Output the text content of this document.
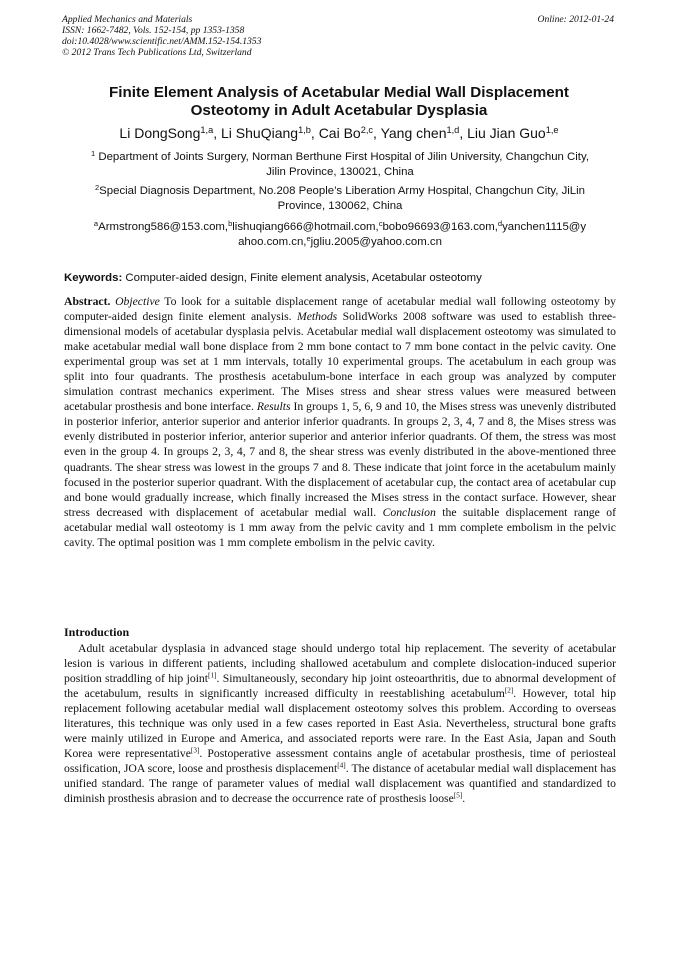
Applied Mechanics and Materials
ISSN: 1662-7482, Vols. 152-154, pp 1353-1358
doi:10.4028/www.scientific.net/AMM.152-154.1353
© 2012 Trans Tech Publications Ltd, Switzerland
Online: 2012-01-24
Finite Element Analysis of Acetabular Medial Wall Displacement
Osteotomy in Adult Acetabular Dysplasia
Li DongSong$^{1,a}$, Li ShuQiang$^{1,b}$, Cai Bo$^{2,c}$, Yang chen$^{1,d}$, Liu Jian Guo$^{1,e}$
$^1$ Department of Joints Surgery, Norman Berthune First Hospital of Jilin University, Changchun City,
Jilin Province, 130021, China
$^2$Special Diagnosis Department, No.208 People’s Liberation Army Hospital, Changchun City, JiLin
Province, 130062, China
$^a$Armstrong586@153.com,$^b$lishuqiang666@hotmail.com,$^c$bobo96693@163.com,$^d$yanchen1115@y
ahoo.com.cn,$^e$jgliu.2005@yahoo.com.cn
Keywords: Computer-aided design, Finite element analysis, Acetabular osteotomy
Abstract. Objective To look for a suitable displacement range of acetabular medial wall following osteotomy by computer-aided design finite element analysis. Methods SolidWorks 2008 software was used to establish three-dimensional models of acetabular dysplasia pelvis. Acetabular medial wall displacement osteotomy was simulated to make acetabular medial wall bone displace from 2 mm bone contact to 7 mm bone contact in the pelvic cavity. One experimental group was set at 1 mm intervals, totally 10 experimental groups. The acetabulum in each group was split into four quadrants. The prosthesis acetabulum-bone interface in each group was analyzed by computer simulation contrast mechanics experiment. The Mises stress and shear stress values were measured between acetabular prosthesis and bone interface. Results In groups 1, 5, 6, 9 and 10, the Mises stress was unevenly distributed in posterior inferior, anterior superior and anterior inferior quadrants. In groups 2, 3, 4, 7 and 8, the Mises stress was evenly distributed in posterior inferior, anterior superior and anterior inferior quadrants. Of them, the stress was most even in the group 4. In groups 2, 3, 4, 7 and 8, the shear stress was evenly distributed in the above-mentioned three quadrants. The shear stress was lowest in the groups 7 and 8. These indicate that joint force in the acetabulum mainly focused in the posterior superior quadrant. With the displacement of acetabular cup, the contact area of acetabular cup and bone would gradually increase, which finally increased the Mises stress in the contact surface. However, shear stress decreased with displacement of acetabular medial wall. Conclusion the suitable displacement range of acetabular medial wall osteotomy is 1 mm away from the pelvic cavity and 1 mm complete embolism in the pelvic cavity. The optimal position was 1 mm complete embolism in the pelvic cavity.
Introduction
Adult acetabular dysplasia in advanced stage should undergo total hip replacement. The severity of acetabular lesion is various in different patients, including shallowed acetabulum and complete dislocation-induced superior position straddling of hip joint[1]. Simultaneously, secondary hip joint osteoarthritis, due to abnormal development of the acetabulum, results in significantly increased difficulty in reestablishing acetabulum[2]. However, total hip replacement following acetabular medial wall displacement osteotomy solves this problem. According to overseas literatures, this technique was only used in a few cases reported in East Asia. Nevertheless, structural bone grafts were mainly utilized in Europe and America, and associated reports were rare. In the East Asia, Japan and South Korea were representative[3]. Postoperative assessment contains angle of acetabular prosthesis, time of periosteal ossification, JOA score, loose and prosthesis displacement[4]. The distance of acetabular medial wall displacement has unified standard. The range of parameter values of medial wall displacement was quantified and standardized to diminish prosthesis abrasion and to decrease the occurrence rate of prosthesis loose[5].
